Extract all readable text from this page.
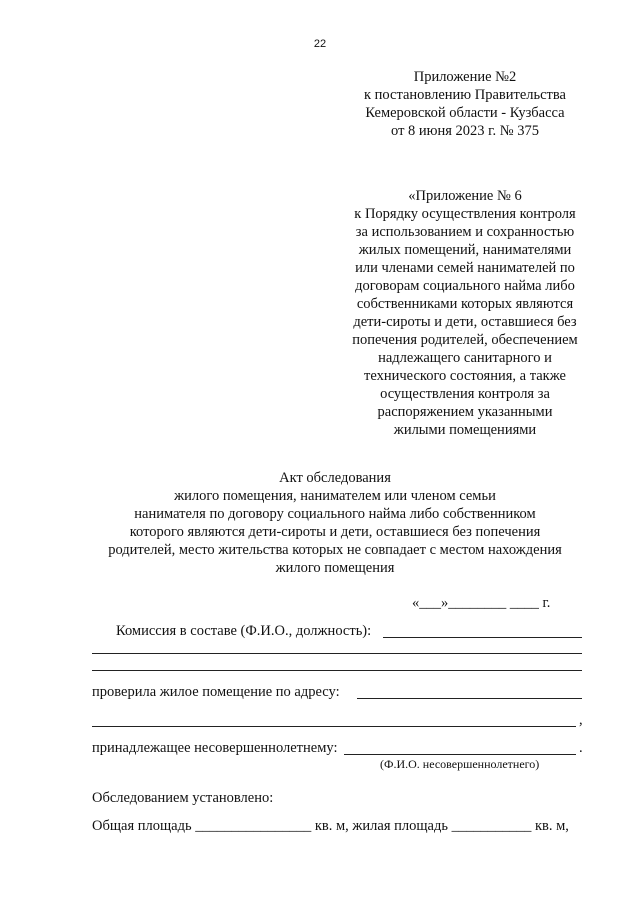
22
Приложение №2
к постановлению Правительства
Кемеровской области - Кузбасса
от 8 июня 2023 г. № 375
«Приложение № 6
к Порядку осуществления контроля
за использованием и сохранностью
жилых помещений, нанимателями
или членами семей нанимателей по
договорам социального найма либо
собственниками которых являются
дети-сироты и дети, оставшиеся без
попечения родителей, обеспечением
надлежащего санитарного и
технического состояния, а также
осуществления контроля за
распоряжением указанными
жилыми помещениями
Акт обследования
жилого помещения, нанимателем или членом семьи
нанимателя по договору социального найма либо собственником
которого являются дети-сироты и дети, оставшиеся без попечения
родителей, место жительства которых не совпадает с местом нахождения
жилого помещения
«___»________ ____ г.
Комиссия в составе (Ф.И.О., должность):
проверила жилое помещение по адресу:
,
принадлежащее несовершеннолетнему:	.
(Ф.И.О. несовершеннолетнего)
Обследованием установлено:
Общая площадь ________________ кв. м, жилая площадь ___________ кв. м,
